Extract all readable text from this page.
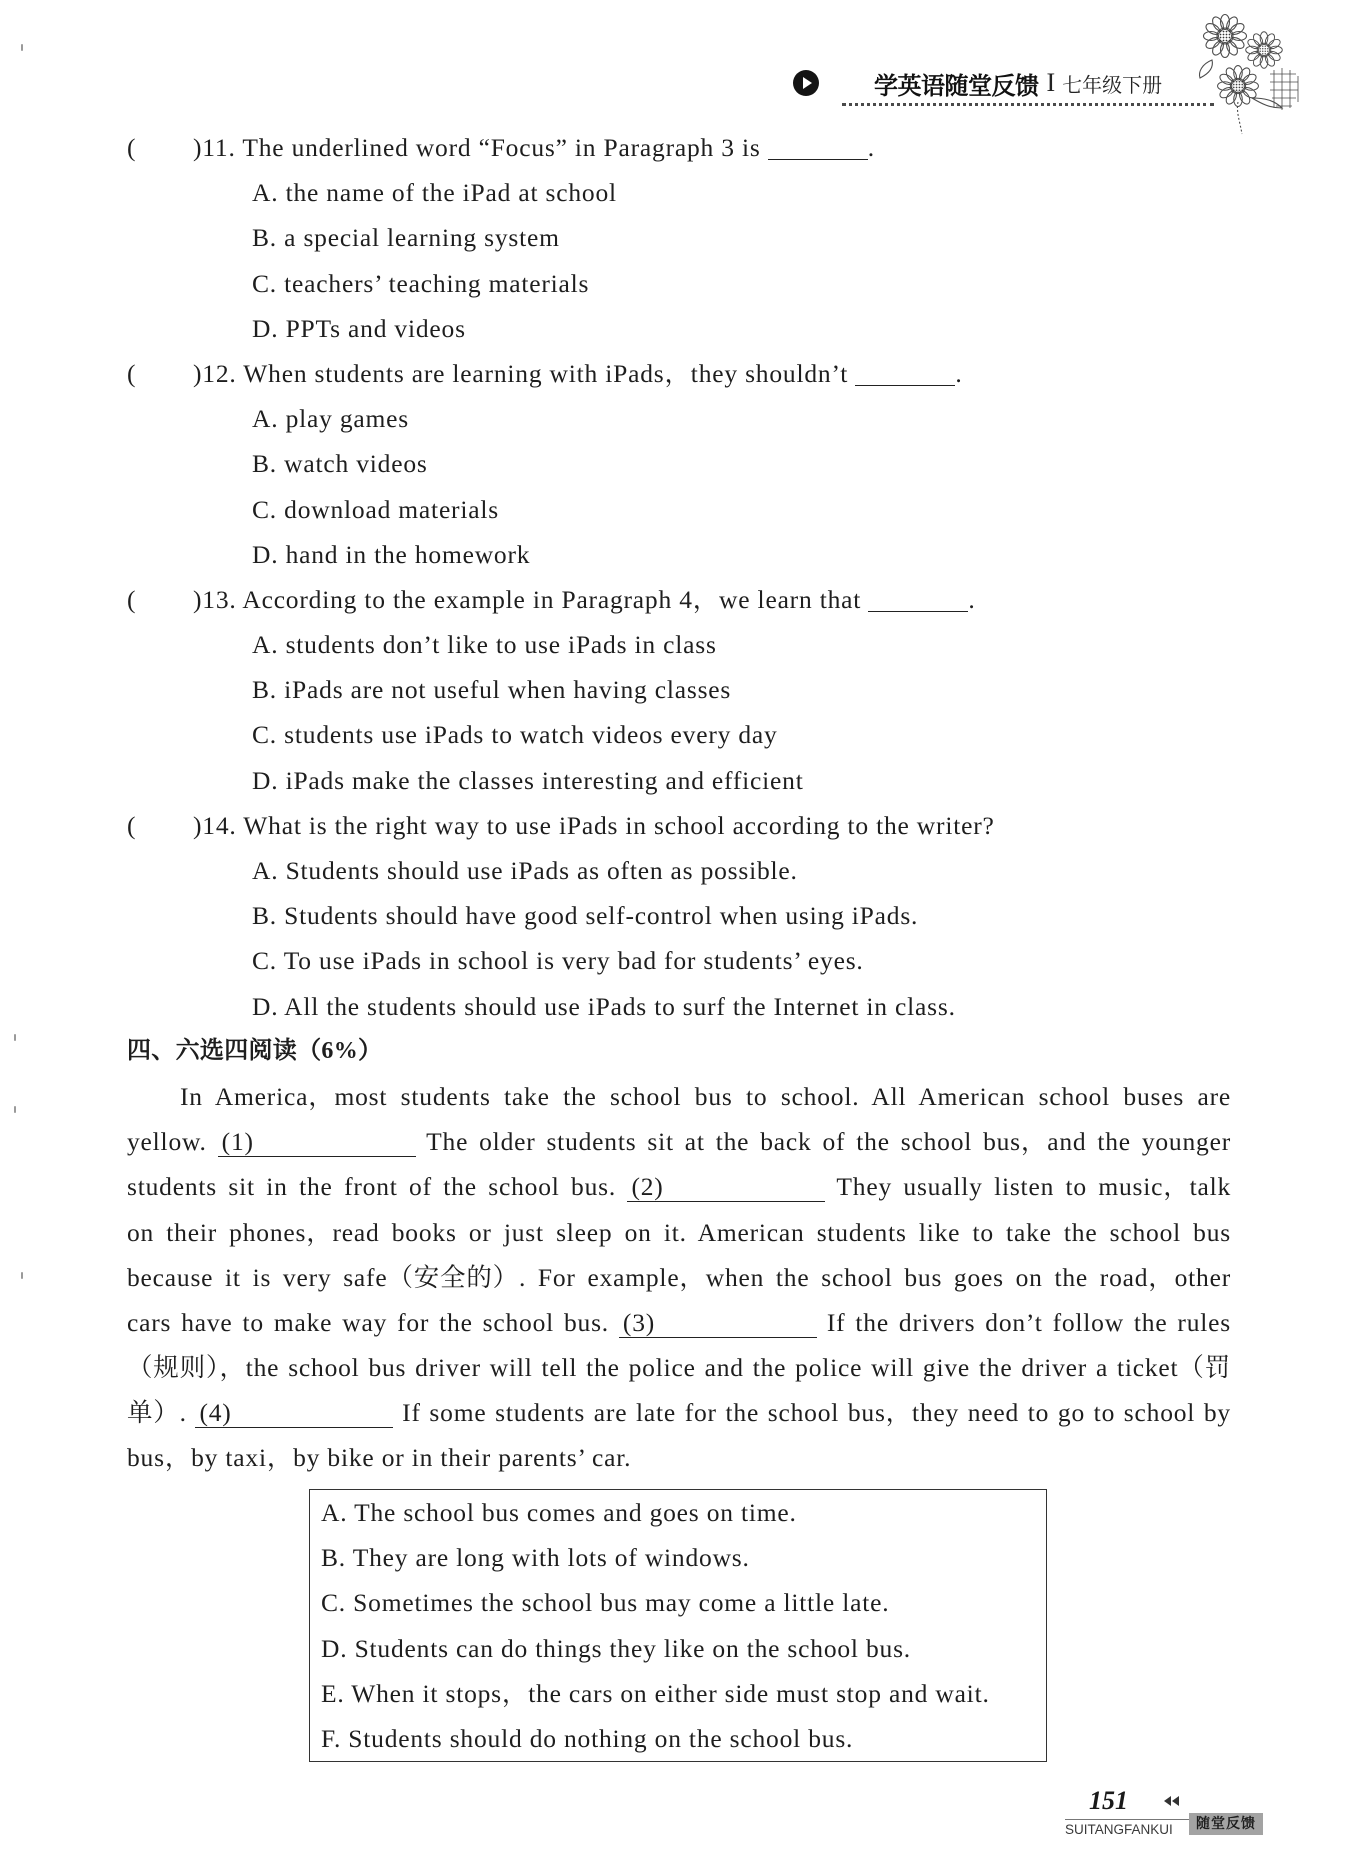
学英语随堂反馈 I 七年级下册
( )11. The underlined word “Focus” in Paragraph 3 is	.
A. the name of the iPad at school
B. a special learning system
C. teachers’ teaching materials
D. PPTs and videos
( )12. When students are learning with iPads，they shouldn’t	.
A. play games
B. watch videos
C. download materials
D. hand in the homework
( )13. According to the example in Paragraph 4，we learn that	.
A. students don’t like to use iPads in class
B. iPads are not useful when having classes
C. students use iPads to watch videos every day
D. iPads make the classes interesting and efficient
( )14. What is the right way to use iPads in school according to the writer?
A. Students should use iPads as often as possible.
B. Students should have good self-control when using iPads.
C. To use iPads in school is very bad for students’ eyes.
D. All the students should use iPads to surf the Internet in class.
四、六选四阅读（6%）
In America，most students take the school bus to school. All American school buses are
yellow. (1)	The older students sit at the back of the school bus，and the younger
students sit in the front of the school bus. (2)	They usually listen to music，talk
on their phones，read books or just sleep on it. American students like to take the school bus
because it is very safe（安全的）. For example，when the school bus goes on the road，other
cars have to make way for the school bus. (3)	If the drivers don’t follow the rules
（规则），the school bus driver will tell the police and the police will give the driver a ticket（罚
单）. (4)	If some students are late for the school bus，they need to go to school by
bus，by taxi，by bike or in their parents’ car.
A. The school bus comes and goes on time.
B. They are long with lots of windows.
C. Sometimes the school bus may come a little late.
D. Students can do things they like on the school bus.
E. When it stops，the cars on either side must stop and wait.
F. Students should do nothing on the school bus.
151
SUITANGFANKUI	随堂反馈
